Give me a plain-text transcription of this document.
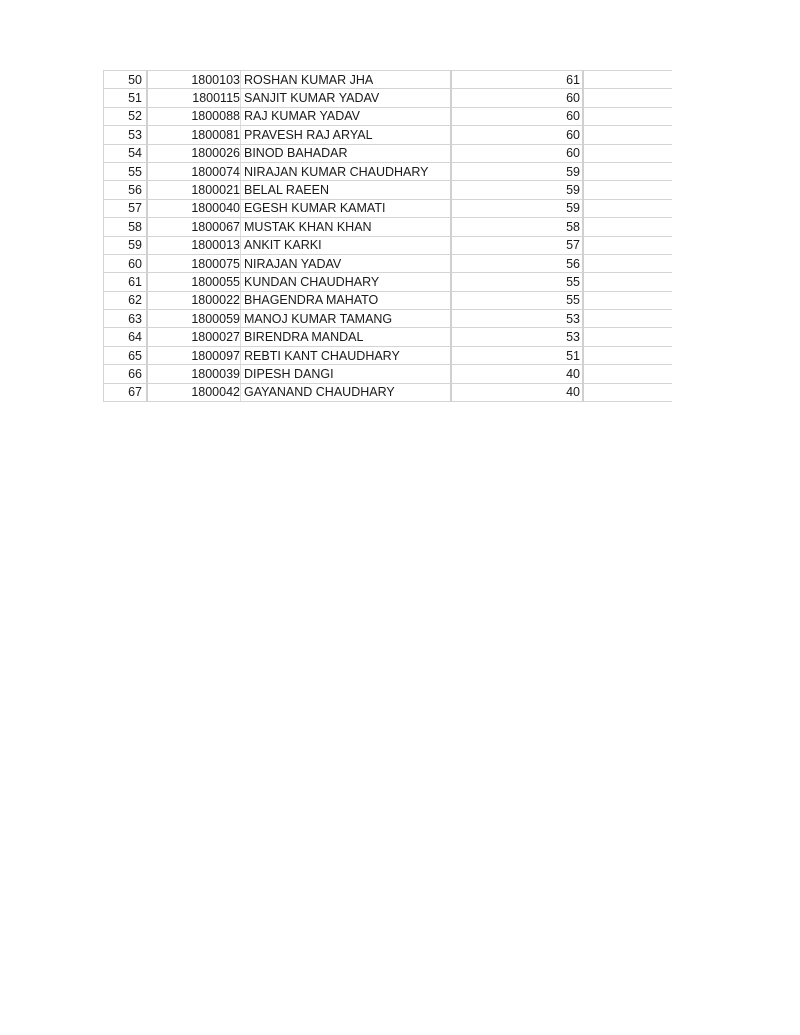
50	1800103	ROSHAN KUMAR JHA	61	
51	1800115	SANJIT KUMAR YADAV	60	
52	1800088	RAJ KUMAR YADAV	60	
53	1800081	PRAVESH RAJ ARYAL	60	
54	1800026	BINOD BAHADAR	60	
55	1800074	NIRAJAN KUMAR CHAUDHARY	59	
56	1800021	BELAL RAEEN	59	
57	1800040	EGESH KUMAR KAMATI	59	
58	1800067	MUSTAK KHAN KHAN	58	
59	1800013	ANKIT KARKI	57	
60	1800075	NIRAJAN YADAV	56	
61	1800055	KUNDAN CHAUDHARY	55	
62	1800022	BHAGENDRA MAHATO	55	
63	1800059	MANOJ KUMAR TAMANG	53	
64	1800027	BIRENDRA MANDAL	53	
65	1800097	REBTI KANT CHAUDHARY	51	
66	1800039	DIPESH DANGI	40	
67	1800042	GAYANAND CHAUDHARY	40	
